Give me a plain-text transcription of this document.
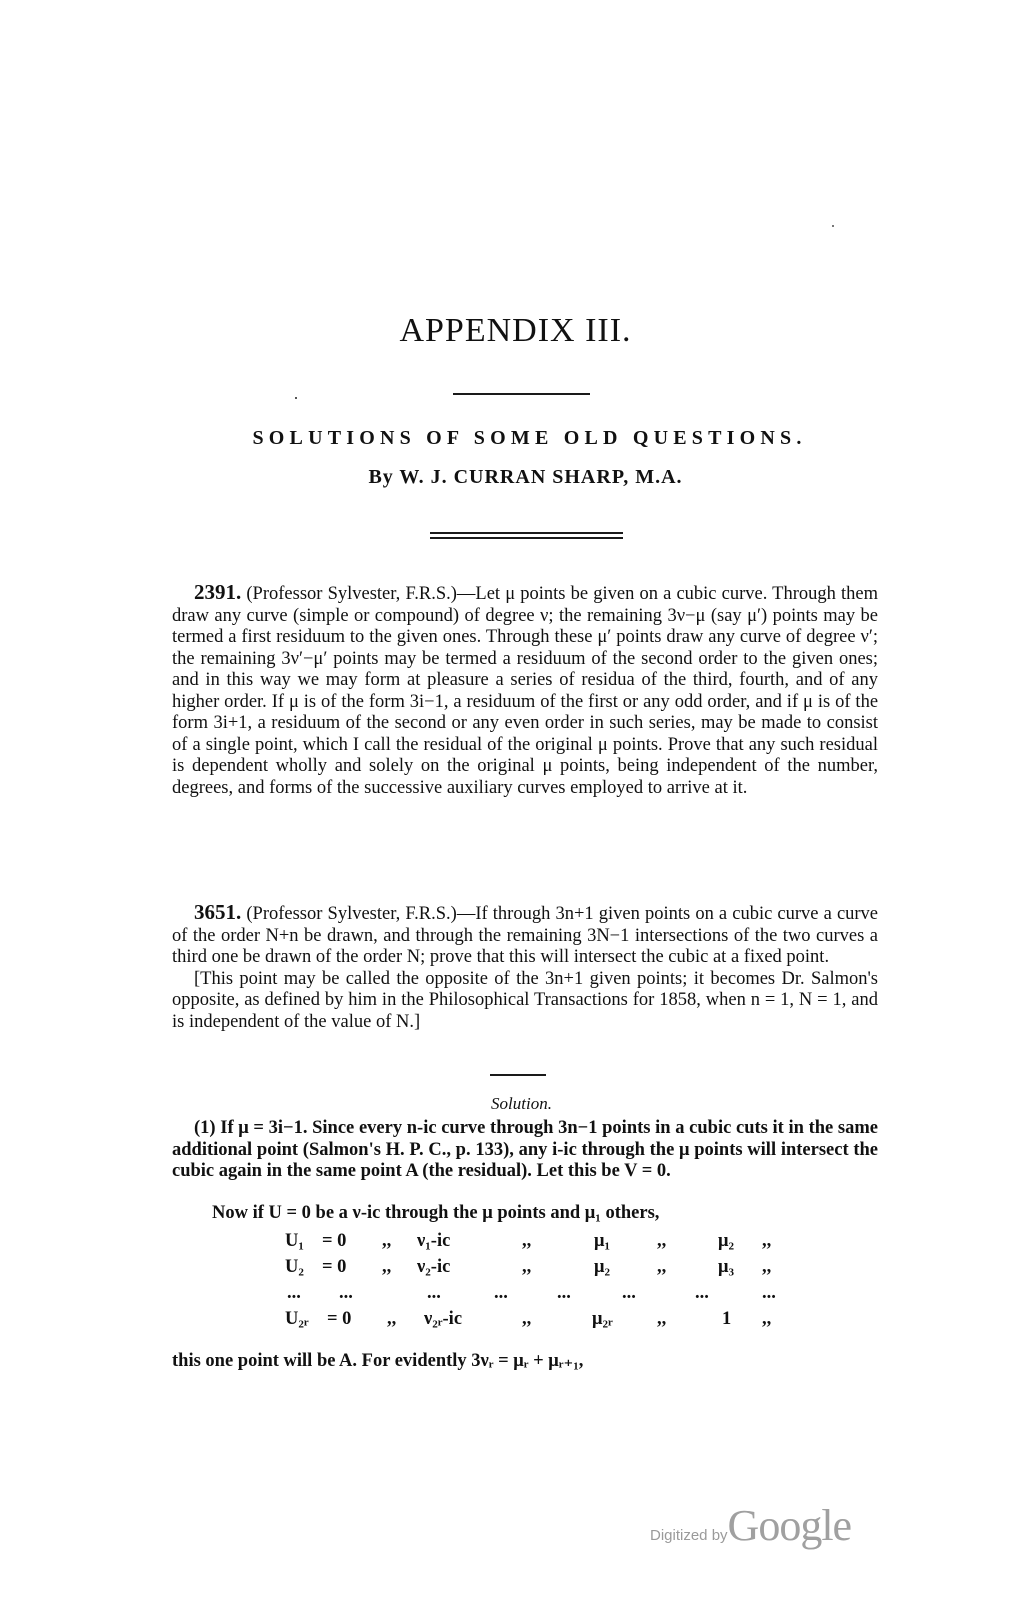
APPENDIX III.
SOLUTIONS OF SOME OLD QUESTIONS.
By W. J. CURRAN SHARP, M.A.

2391. (Professor Sylvester, F.R.S.)—Let μ points be given on a cubic curve. Through them draw any curve (simple or compound) of degree ν; the remaining 3ν−μ (say μ′) points may be termed a first residuum to the given ones. Through these μ′ points draw any curve of degree ν′; the remaining 3ν′−μ′ points may be termed a residuum of the second order to the given ones; and in this way we may form at pleasure a series of residua of the third, fourth, and of any higher order. If μ is of the form 3i−1, a residuum of the first or any odd order, and if μ is of the form 3i+1, a residuum of the second or any even order in such series, may be made to consist of a single point, which I call the residual of the original μ points. Prove that any such residual is dependent wholly and solely on the original μ points, being independent of the number, degrees, and forms of the successive auxiliary curves employed to arrive at it.

3651. (Professor Sylvester, F.R.S.)—If through 3n+1 given points on a cubic curve a curve of the order N+n be drawn, and through the remaining 3N−1 intersections of the two curves a third one be drawn of the order N; prove that this will intersect the cubic at a fixed point.

[This point may be called the opposite of the 3n+1 given points; it becomes Dr. Salmon's opposite, as defined by him in the Philosophical Transactions for 1858, when n = 1, N = 1, and is independent of the value of N.]

Solution.

(1) If μ = 3i−1. Since every n-ic curve through 3n−1 points in a cubic cuts it in the same additional point (Salmon's H. P. C., p. 133), any i-ic through the μ points will intersect the cubic again in the same point A (the residual). Let this be V = 0.

Now if U = 0 be a ν-ic through the μ points and μ₁ others,
U₁ = 0 ,, ν₁-ic	,,	μ₁	,,	μ₂ ,,
U₂ = 0 ,, ν₂-ic	,,	μ₂	,,	μ₃ ,,
... ...	...	...	...	...	...	...
U₂ᵣ = 0 ,, ν₂ᵣ-ic	,,	μ₂ᵣ ,,	1 ,,
this one point will be A. For evidently 3νᵣ = μᵣ + μᵣ₊₁,
Digitized byGoogle
